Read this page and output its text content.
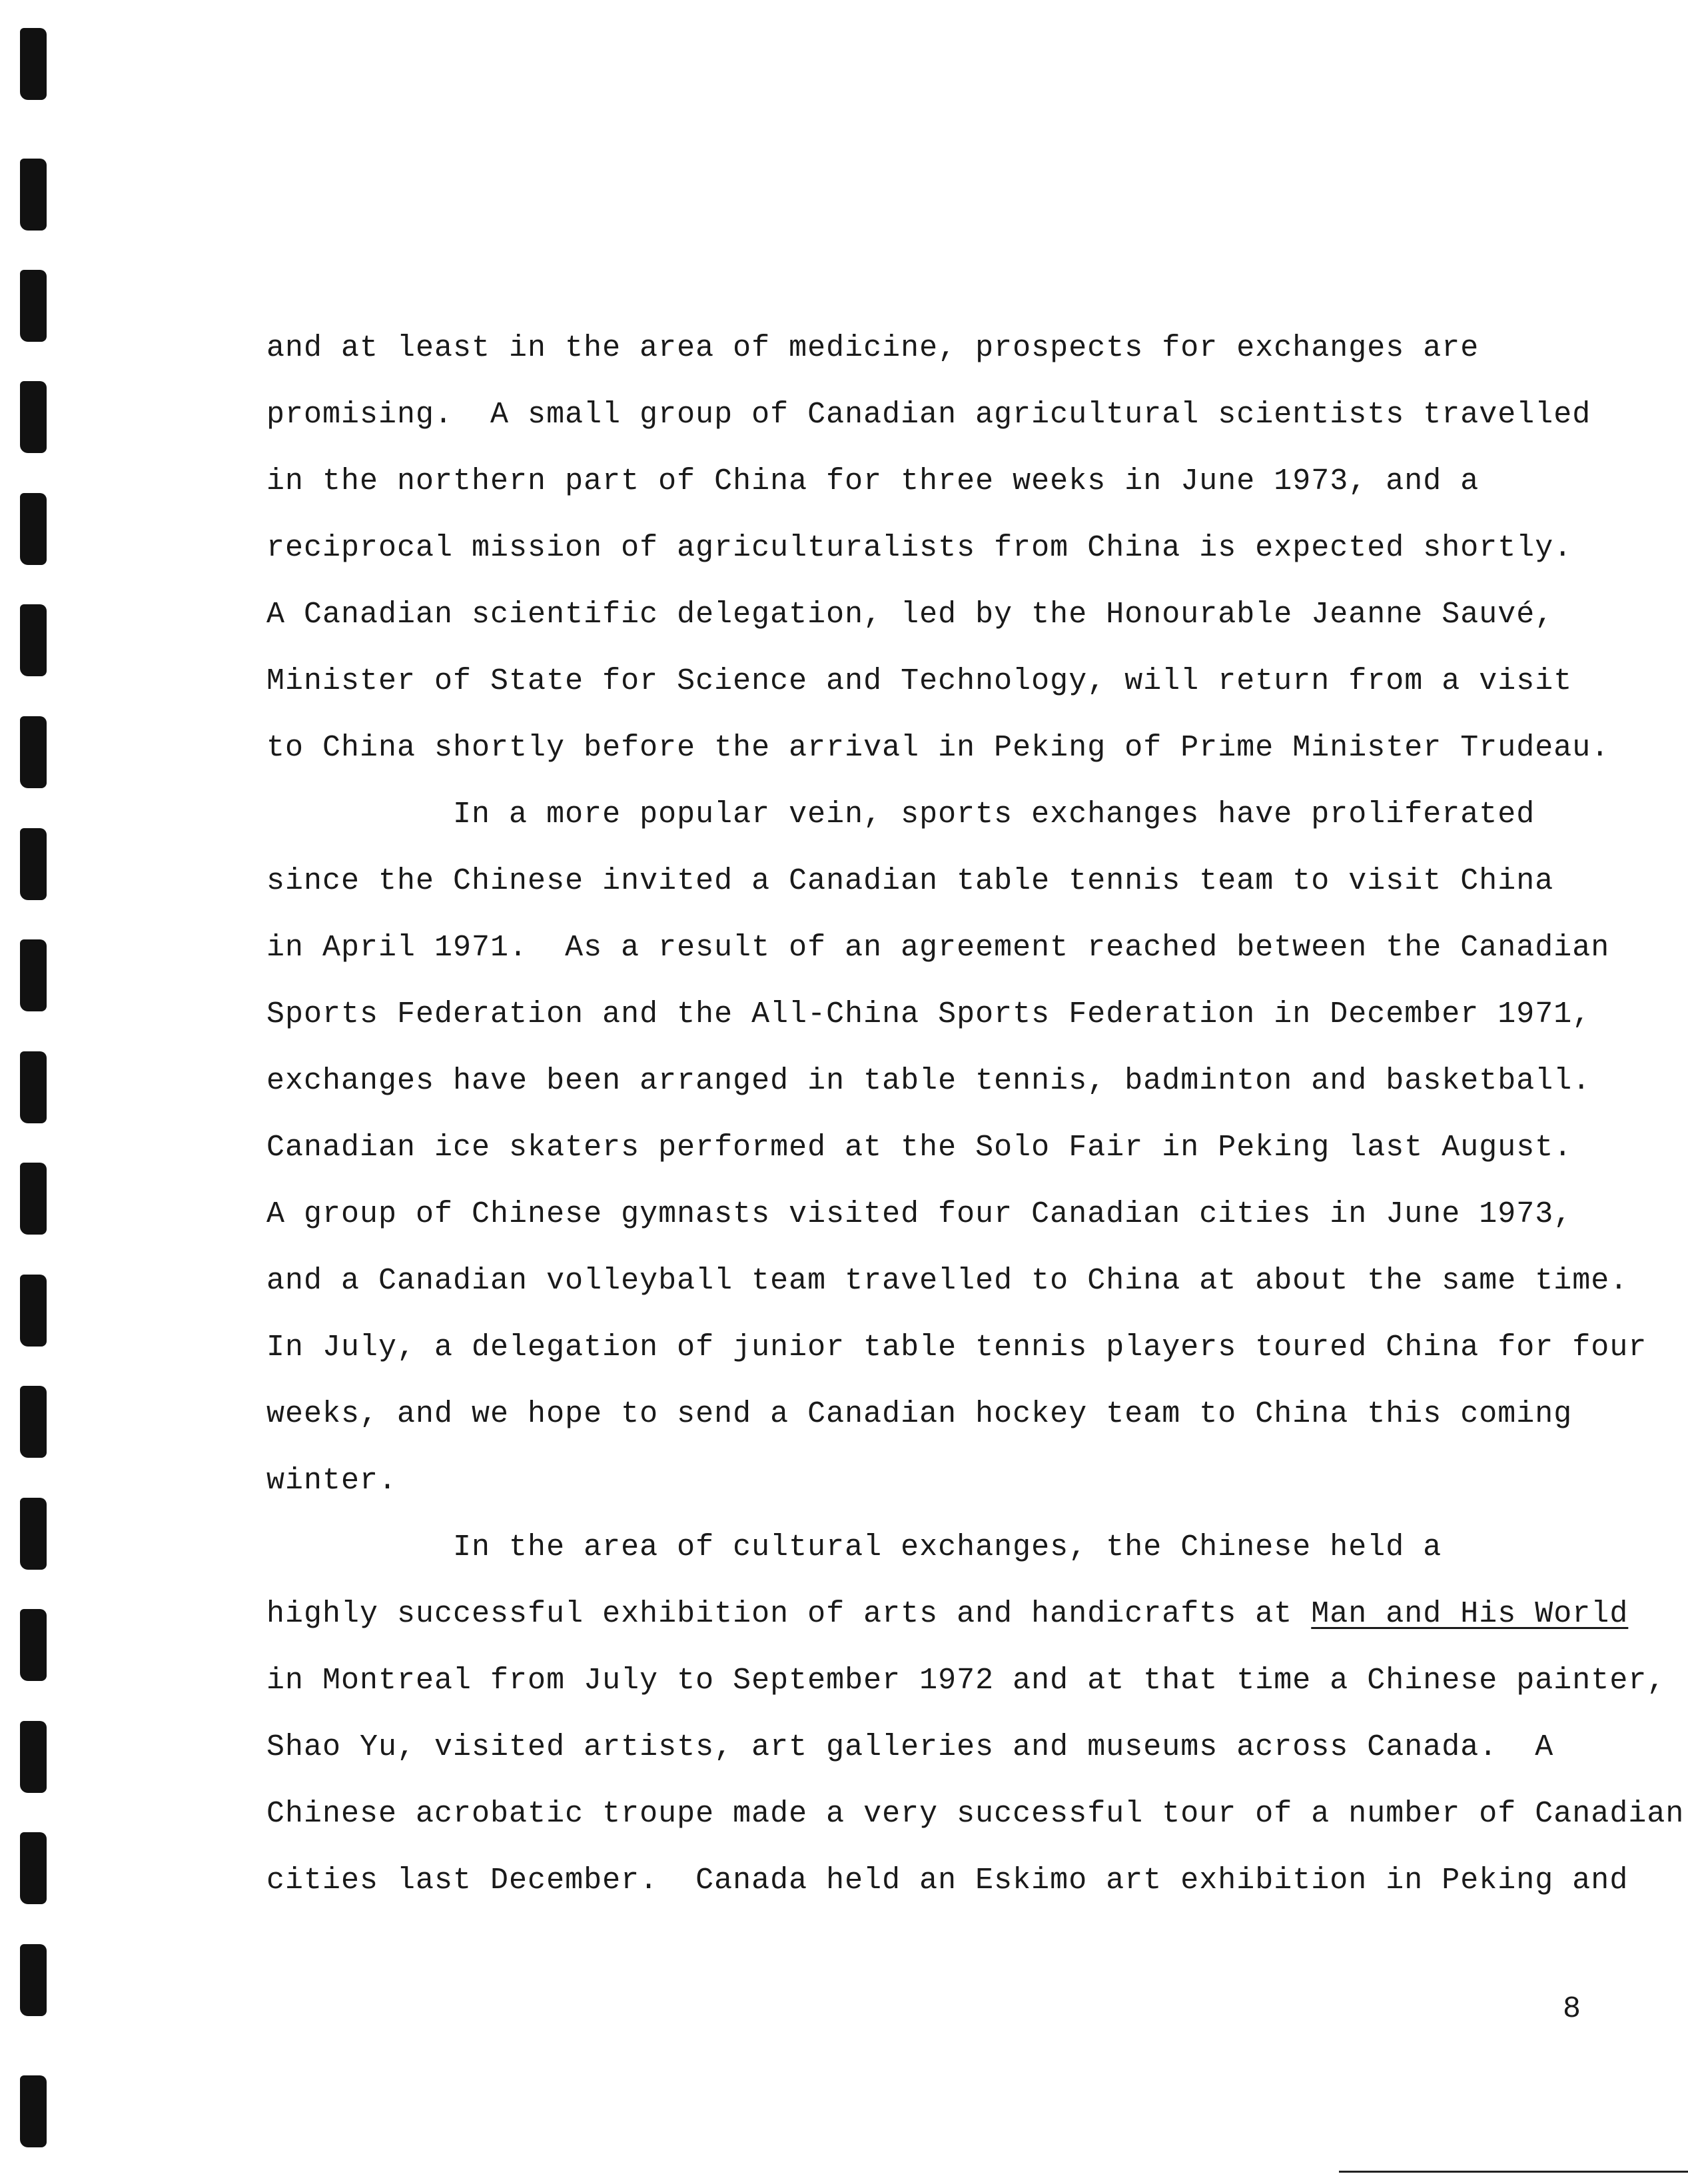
and at least in the area of medicine, prospects for exchanges are
promising.  A small group of Canadian agricultural scientists travelled
in the northern part of China for three weeks in June 1973, and a
reciprocal mission of agriculturalists from China is expected shortly.
A Canadian scientific delegation, led by the Honourable Jeanne Sauvé,
Minister of State for Science and Technology, will return from a visit
to China shortly before the arrival in Peking of Prime Minister Trudeau.
In a more popular vein, sports exchanges have proliferated
since the Chinese invited a Canadian table tennis team to visit China
in April 1971.  As a result of an agreement reached between the Canadian
Sports Federation and the All-China Sports Federation in December 1971,
exchanges have been arranged in table tennis, badminton and basketball.
Canadian ice skaters performed at the Solo Fair in Peking last August.
A group of Chinese gymnasts visited four Canadian cities in June 1973,
and a Canadian volleyball team travelled to China at about the same time.
In July, a delegation of junior table tennis players toured China for four
weeks, and we hope to send a Canadian hockey team to China this coming
winter.
In the area of cultural exchanges, the Chinese held a
highly successful exhibition of arts and handicrafts at Man and His World
in Montreal from July to September 1972 and at that time a Chinese painter,
Shao Yu, visited artists, art galleries and museums across Canada.  A
Chinese acrobatic troupe made a very successful tour of a number of Canadian
cities last December.  Canada held an Eskimo art exhibition in Peking and
8
